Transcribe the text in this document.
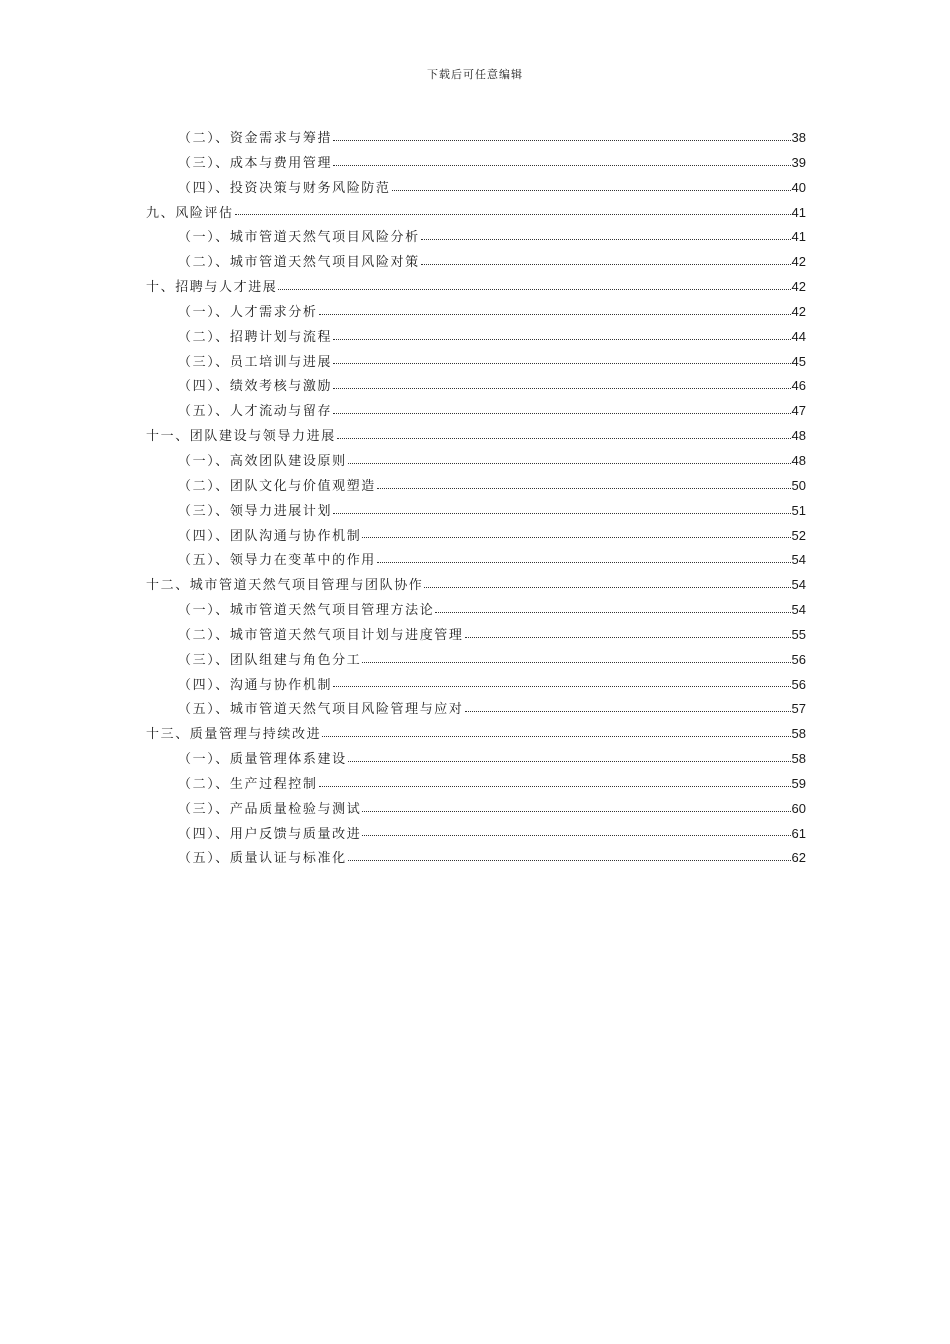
下载后可任意编辑
（二）、资金需求与筹措	38
（三）、成本与费用管理	39
（四）、投资决策与财务风险防范	40
九、风险评估	41
（一）、城市管道天然气项目风险分析	41
（二）、城市管道天然气项目风险对策	42
十、招聘与人才进展	42
（一）、人才需求分析	42
（二）、招聘计划与流程	44
（三）、员工培训与进展	45
（四）、绩效考核与激励	46
（五）、人才流动与留存	47
十一、团队建设与领导力进展	48
（一）、高效团队建设原则	48
（二）、团队文化与价值观塑造	50
（三）、领导力进展计划	51
（四）、团队沟通与协作机制	52
（五）、领导力在变革中的作用	54
十二、城市管道天然气项目管理与团队协作	54
（一）、城市管道天然气项目管理方法论	54
（二）、城市管道天然气项目计划与进度管理	55
（三）、团队组建与角色分工	56
（四）、沟通与协作机制	56
（五）、城市管道天然气项目风险管理与应对	57
十三、质量管理与持续改进	58
（一）、质量管理体系建设	58
（二）、生产过程控制	59
（三）、产品质量检验与测试	60
（四）、用户反馈与质量改进	61
（五）、质量认证与标准化	62
